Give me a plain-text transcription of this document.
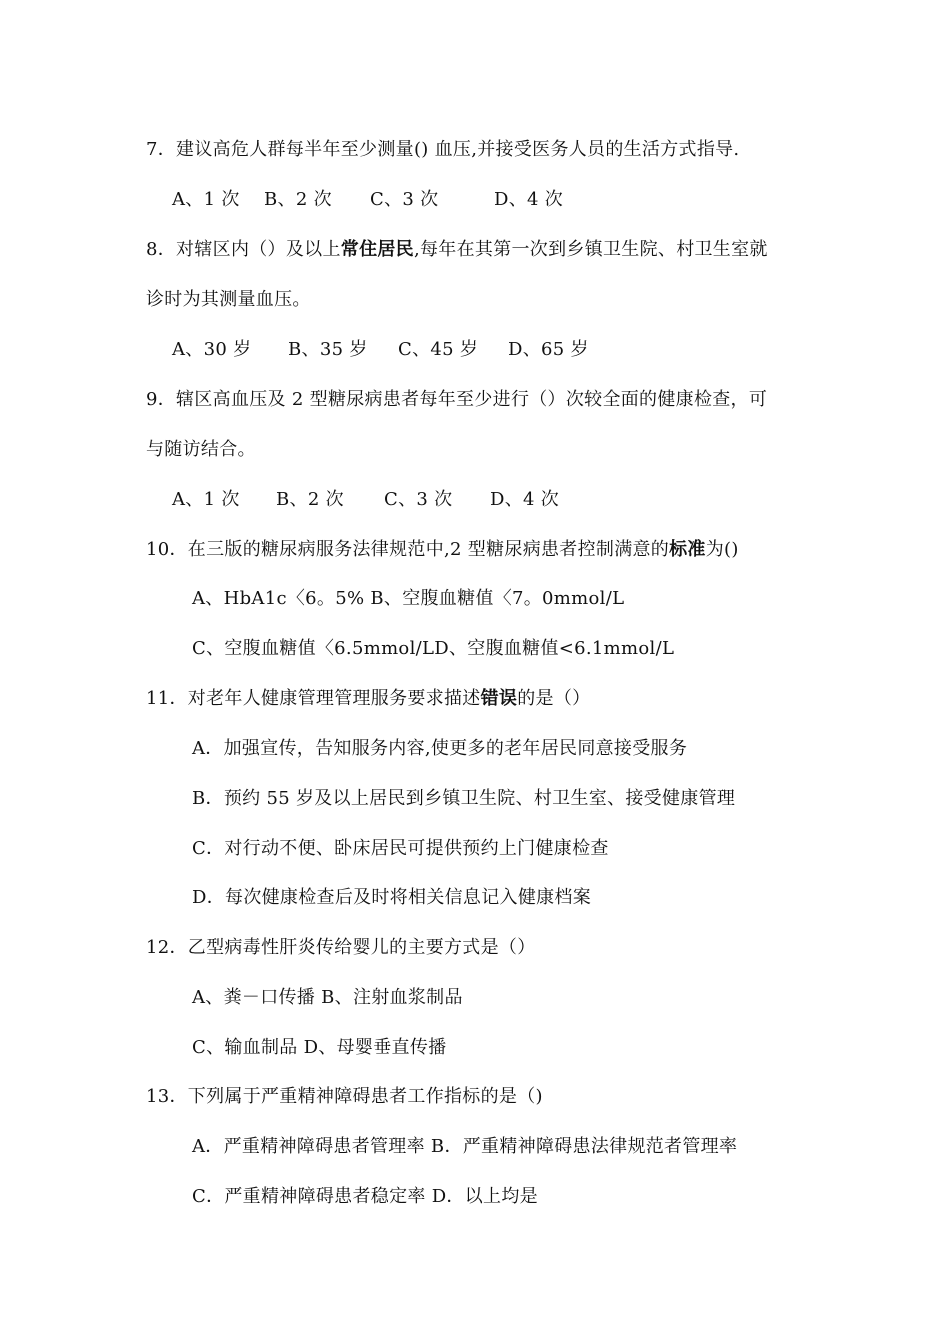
7．建议高危人群每半年至少测量() 血压,并接受医务人员的生活方式指导.
A、1 次 B、2 次 C、3 次	D、4 次
8．对辖区内（）及以上常住居民,每年在其第一次到乡镇卫生院、村卫生室就
诊时为其测量血压。
A、30 岁 B、35 岁 C、45 岁 D、65 岁
9．辖区高血压及 2 型糖尿病患者每年至少进行（）次较全面的健康检查，可
与随访结合。
A、1 次 B、2 次 C、3 次 D、4 次
10．在三版的糖尿病服务法律规范中,2 型糖尿病患者控制满意的标准为()
A、HbA1c〈6。5% B、空腹血糖值〈7。0mmol/L
C、空腹血糖值〈6.5mmol/LD、空腹血糖值<6.1mmol/L
11．对老年人健康管理管理服务要求描述错误的是（）
A．加强宣传，告知服务内容,使更多的老年居民同意接受服务
B．预约 55 岁及以上居民到乡镇卫生院、村卫生室、接受健康管理
C．对行动不便、卧床居民可提供预约上门健康检查
D．每次健康检查后及时将相关信息记入健康档案
12．乙型病毒性肝炎传给婴儿的主要方式是（）
A、粪－口传播 B、注射血浆制品
C、输血制品 D、母婴垂直传播
13．下列属于严重精神障碍患者工作指标的是（)
A．严重精神障碍患者管理率 B．严重精神障碍患法律规范者管理率
C．严重精神障碍患者稳定率 D．以上均是
